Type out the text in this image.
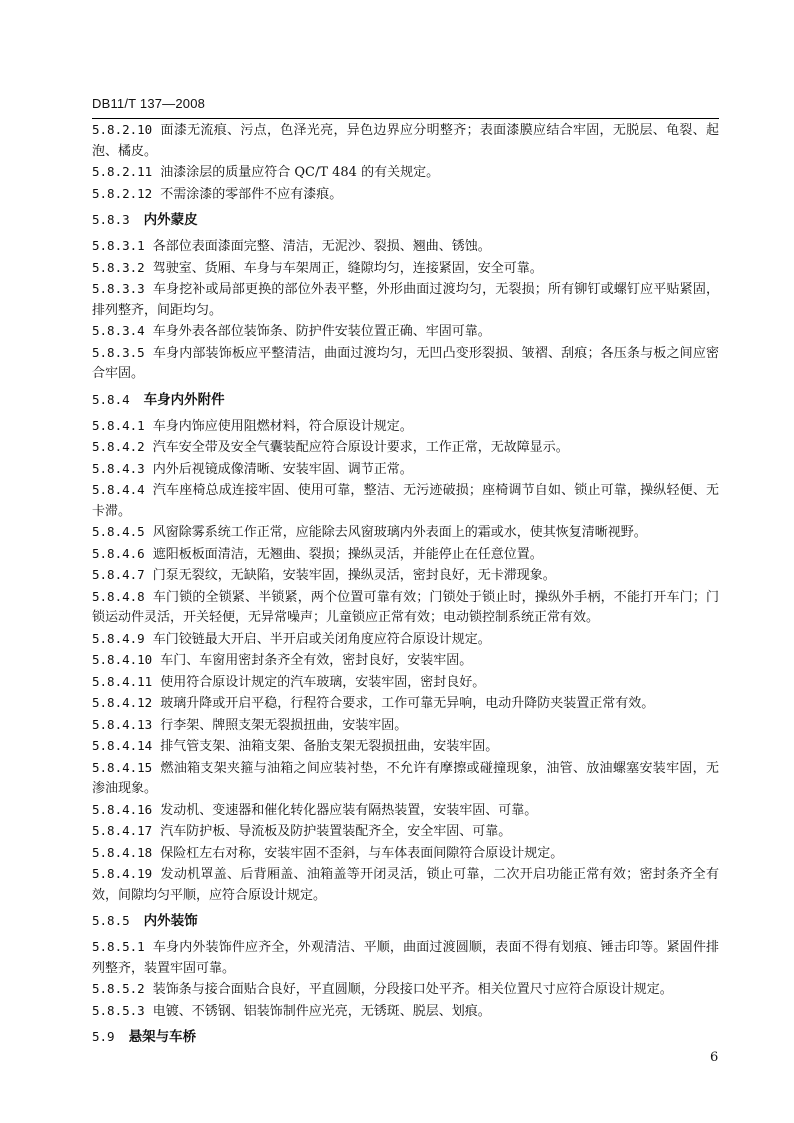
DB11/T 137—2008

5.8.2.10 面漆无流痕、污点，色泽光亮，异色边界应分明整齐；表面漆膜应结合牢固，无脱层、龟裂、起泡、橘皮。

5.8.2.11 油漆涂层的质量应符合 QC/T 484 的有关规定。

5.8.2.12 不需涂漆的零部件不应有漆痕。

5.8.3 内外蒙皮

5.8.3.1 各部位表面漆面完整、清洁，无泥沙、裂损、翘曲、锈蚀。

5.8.3.2 驾驶室、货厢、车身与车架周正，缝隙均匀，连接紧固，安全可靠。

5.8.3.3 车身挖补或局部更换的部位外表平整，外形曲面过渡均匀，无裂损；所有铆钉或螺钉应平贴紧固，排列整齐，间距均匀。

5.8.3.4 车身外表各部位装饰条、防护件安装位置正确、牢固可靠。

5.8.3.5 车身内部装饰板应平整清洁，曲面过渡均匀，无凹凸变形裂损、皱褶、刮痕；各压条与板之间应密合牢固。

5.8.4 车身内外附件

5.8.4.1 车身内饰应使用阻燃材料，符合原设计规定。

5.8.4.2 汽车安全带及安全气囊装配应符合原设计要求，工作正常，无故障显示。

5.8.4.3 内外后视镜成像清晰、安装牢固、调节正常。

5.8.4.4 汽车座椅总成连接牢固、使用可靠，整洁、无污迹破损；座椅调节自如、锁止可靠，操纵轻便、无卡滞。

5.8.4.5 风窗除雾系统工作正常，应能除去风窗玻璃内外表面上的霜或水，使其恢复清晰视野。

5.8.4.6 遮阳板板面清洁，无翘曲、裂损；操纵灵活，并能停止在任意位置。

5.8.4.7 门泵无裂纹，无缺陷，安装牢固，操纵灵活，密封良好，无卡滞现象。

5.8.4.8 车门锁的全锁紧、半锁紧，两个位置可靠有效；门锁处于锁止时，操纵外手柄，不能打开车门；门锁运动件灵活，开关轻便，无异常噪声；儿童锁应正常有效；电动锁控制系统正常有效。

5.8.4.9 车门铰链最大开启、半开启或关闭角度应符合原设计规定。

5.8.4.10 车门、车窗用密封条齐全有效，密封良好，安装牢固。

5.8.4.11 使用符合原设计规定的汽车玻璃，安装牢固，密封良好。

5.8.4.12 玻璃升降或开启平稳，行程符合要求，工作可靠无异响，电动升降防夹装置正常有效。

5.8.4.13 行李架、牌照支架无裂损扭曲，安装牢固。

5.8.4.14 排气管支架、油箱支架、备胎支架无裂损扭曲，安装牢固。

5.8.4.15 燃油箱支架夹箍与油箱之间应装衬垫，不允许有摩擦或碰撞现象，油管、放油螺塞安装牢固，无渗油现象。

5.8.4.16 发动机、变速器和催化转化器应装有隔热装置，安装牢固、可靠。

5.8.4.17 汽车防护板、导流板及防护装置装配齐全，安全牢固、可靠。

5.8.4.18 保险杠左右对称，安装牢固不歪斜，与车体表面间隙符合原设计规定。

5.8.4.19 发动机罩盖、后背厢盖、油箱盖等开闭灵活，锁止可靠，二次开启功能正常有效；密封条齐全有效，间隙均匀平顺，应符合原设计规定。

5.8.5 内外装饰

5.8.5.1 车身内外装饰件应齐全，外观清洁、平顺，曲面过渡圆顺，表面不得有划痕、锤击印等。紧固件排列整齐，装置牢固可靠。

5.8.5.2 装饰条与接合面贴合良好，平直圆顺，分段接口处平齐。相关位置尺寸应符合原设计规定。

5.8.5.3 电镀、不锈钢、铝装饰制件应光亮，无锈斑、脱层、划痕。

5.9 悬架与车桥

6
